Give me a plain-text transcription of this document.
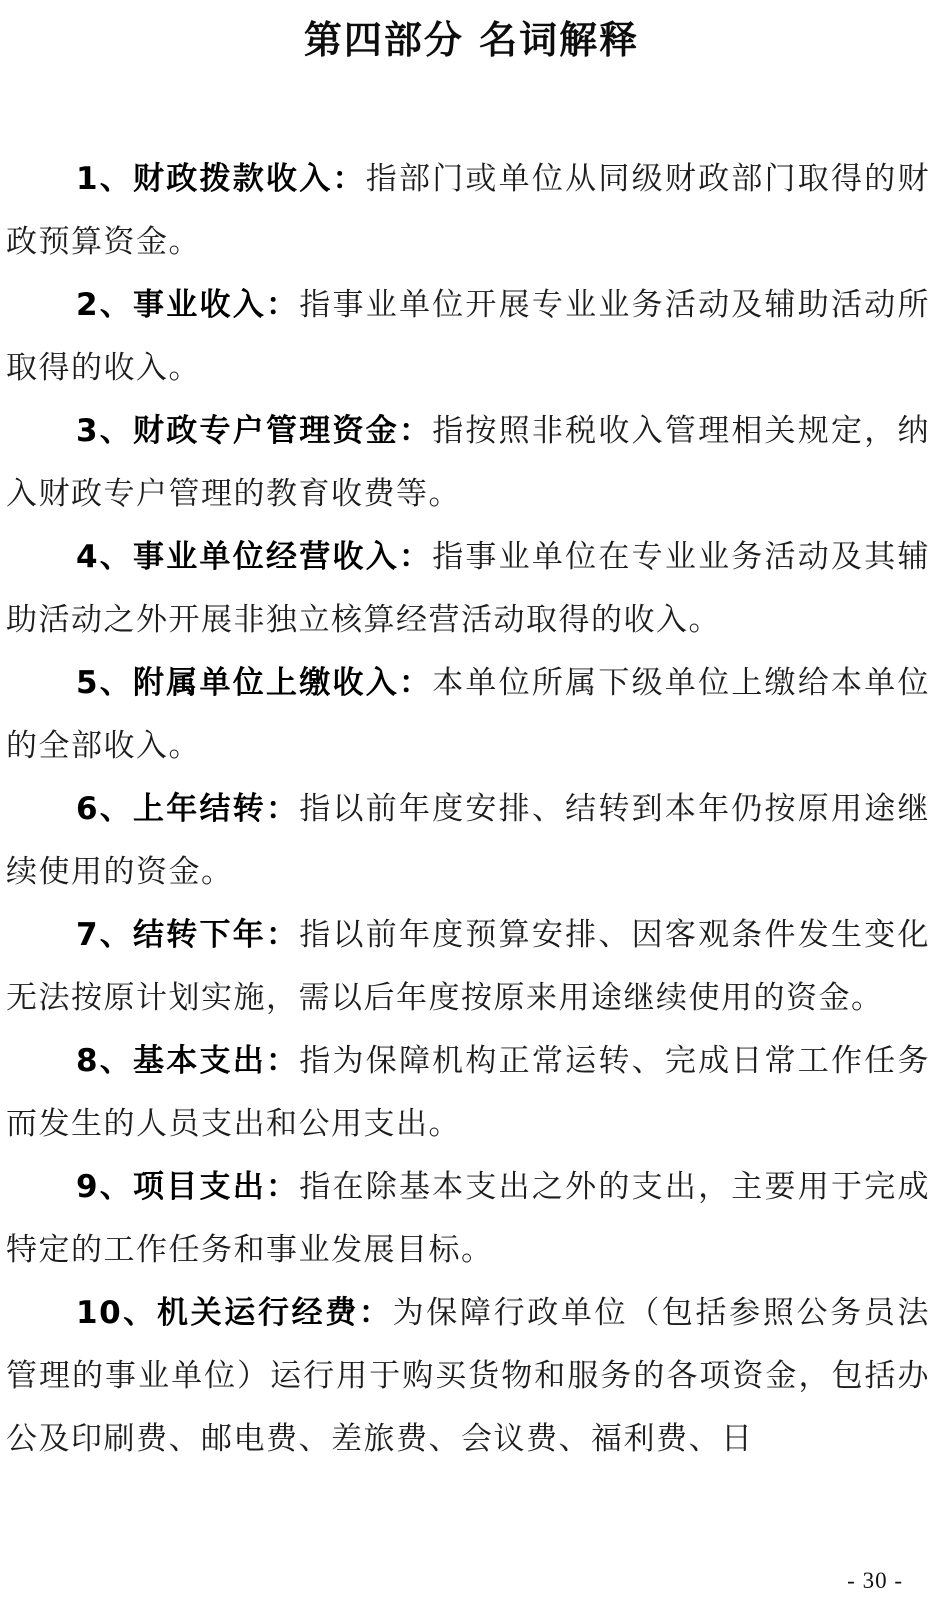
第四部分 名词解释

1、财政拨款收入：指部门或单位从同级财政部门取得的财政预算资金。

2、事业收入：指事业单位开展专业业务活动及辅助活动所取得的收入。

3、财政专户管理资金：指按照非税收入管理相关规定，纳入财政专户管理的教育收费等。

4、事业单位经营收入：指事业单位在专业业务活动及其辅助活动之外开展非独立核算经营活动取得的收入。

5、附属单位上缴收入：本单位所属下级单位上缴给本单位的全部收入。

6、上年结转：指以前年度安排、结转到本年仍按原用途继续使用的资金。

7、结转下年：指以前年度预算安排、因客观条件发生变化无法按原计划实施，需以后年度按原来用途继续使用的资金。

8、基本支出：指为保障机构正常运转、完成日常工作任务而发生的人员支出和公用支出。

9、项目支出：指在除基本支出之外的支出，主要用于完成特定的工作任务和事业发展目标。

10、机关运行经费：为保障行政单位（包括参照公务员法管理的事业单位）运行用于购买货物和服务的各项资金，包括办公及印刷费、邮电费、差旅费、会议费、福利费、日

- 30 -
